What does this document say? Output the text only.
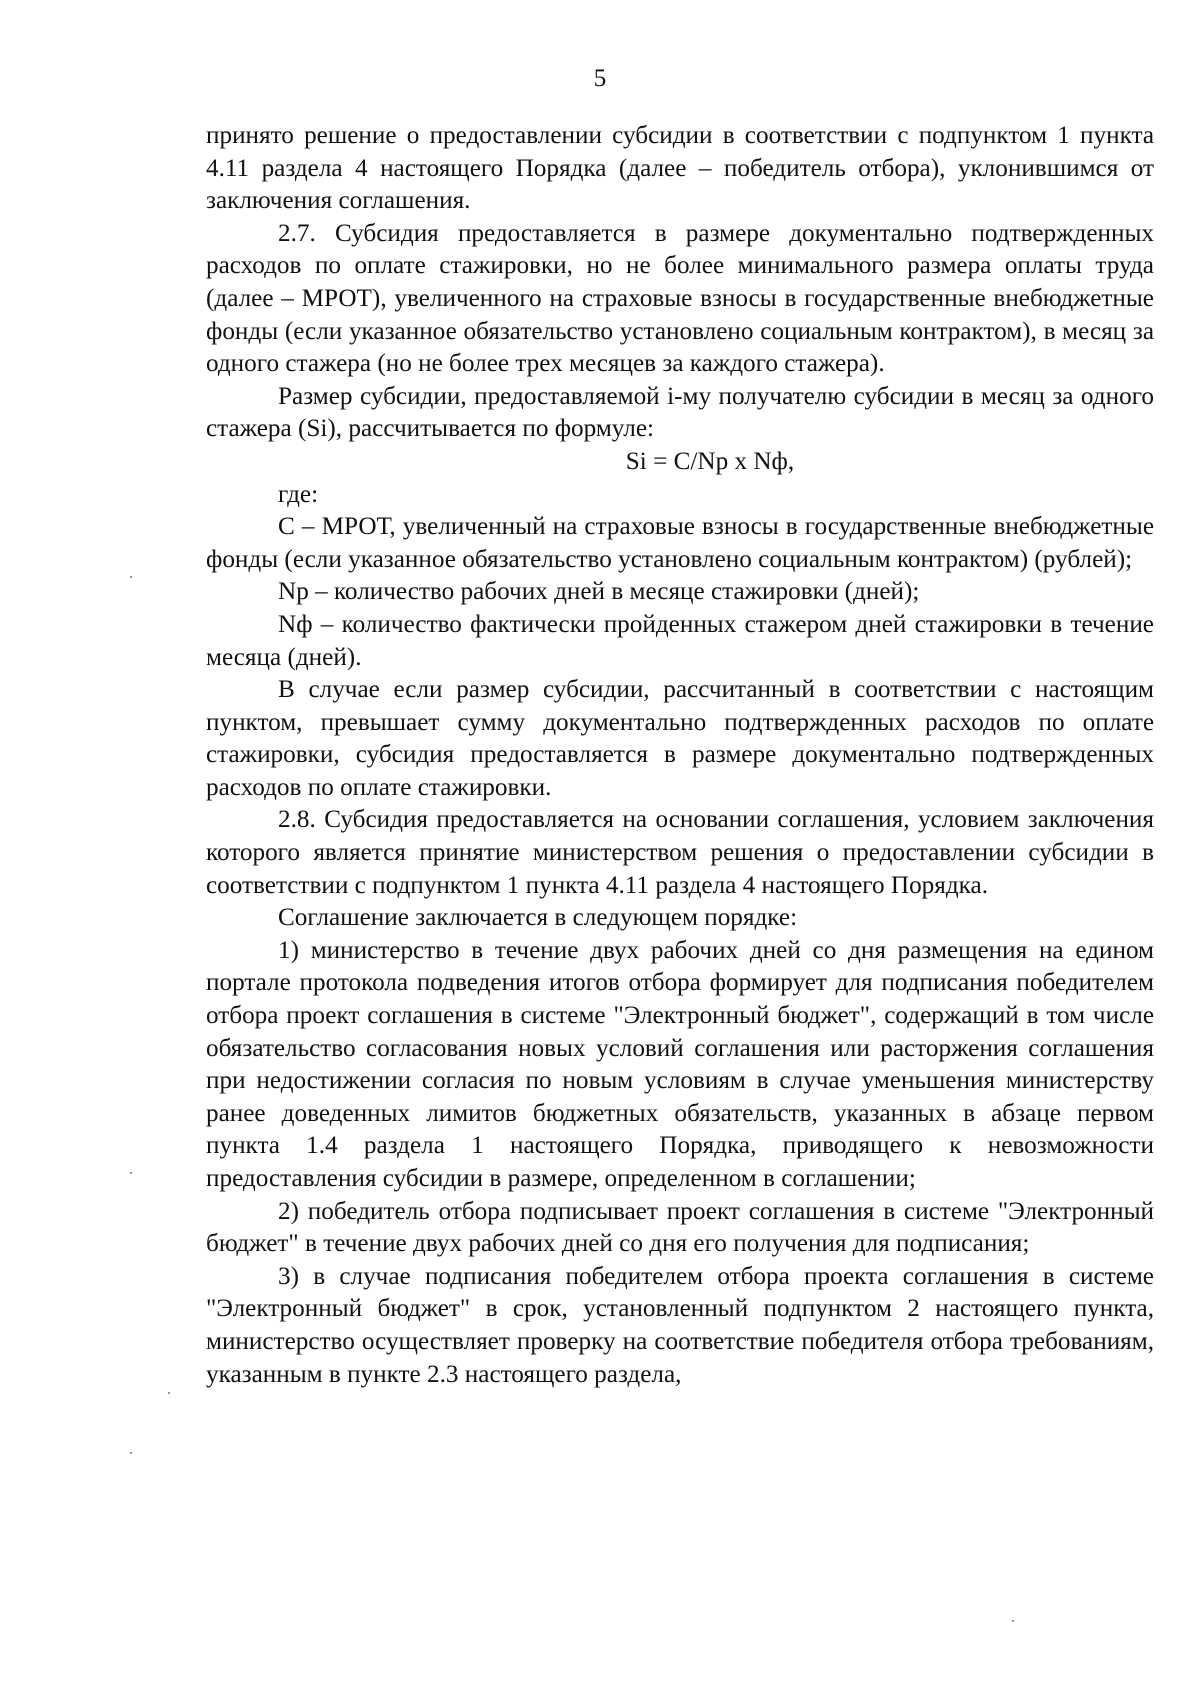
5

принято решение о предоставлении субсидии в соответствии с подпунктом 1 пункта 4.11 раздела 4 настоящего Порядка (далее – победитель отбора), уклонившимся от заключения соглашения.

2.7. Субсидия предоставляется в размере документально подтвержденных расходов по оплате стажировки, но не более минимального размера оплаты труда (далее – МРОТ), увеличенного на страховые взносы в государственные внебюджетные фонды (если указанное обязательство установлено социальным контрактом), в месяц за одного стажера (но не более трех месяцев за каждого стажера).

Размер субсидии, предоставляемой i-му получателю субсидии в месяц за одного стажера (Si), рассчитывается по формуле:

Si = C/Np x Nф,

где:

C – МРОТ, увеличенный на страховые взносы в государственные внебюджетные фонды (если указанное обязательство установлено социальным контрактом) (рублей);

Np – количество рабочих дней в месяце стажировки (дней);

Nф – количество фактически пройденных стажером дней стажировки в течение месяца (дней).

В случае если размер субсидии, рассчитанный в соответствии с настоящим пунктом, превышает сумму документально подтвержденных расходов по оплате стажировки, субсидия предоставляется в размере документально подтвержденных расходов по оплате стажировки.

2.8. Субсидия предоставляется на основании соглашения, условием заключения которого является принятие министерством решения о предоставлении субсидии в соответствии с подпунктом 1 пункта 4.11 раздела 4 настоящего Порядка.

Соглашение заключается в следующем порядке:

1) министерство в течение двух рабочих дней со дня размещения на едином портале протокола подведения итогов отбора формирует для подписания победителем отбора проект соглашения в системе "Электронный бюджет", содержащий в том числе обязательство согласования новых условий соглашения или расторжения соглашения при недостижении согласия по новым условиям в случае уменьшения министерству ранее доведенных лимитов бюджетных обязательств, указанных в абзаце первом пункта 1.4 раздела 1 настоящего Порядка, приводящего к невозможности предоставления субсидии в размере, определенном в соглашении;

2) победитель отбора подписывает проект соглашения в системе "Электронный бюджет" в течение двух рабочих дней со дня его получения для подписания;

3) в случае подписания победителем отбора проекта соглашения в системе "Электронный бюджет" в срок, установленный подпунктом 2 настоящего пункта, министерство осуществляет проверку на соответствие победителя отбора требованиям, указанным в пункте 2.3 настоящего раздела,
